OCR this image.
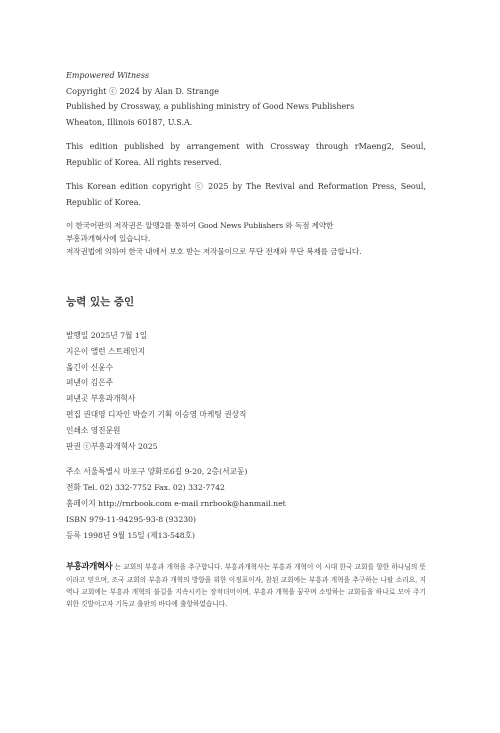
Empowered Witness
Copyright ⓒ 2024 by Alan D. Strange
Published by Crossway, a publishing ministry of Good News Publishers
Wheaton, Illinois 60187, U.S.A.
This edition published by arrangement with Crossway through rMaeng2, Seoul, Republic of Korea. All rights reserved.
This Korean edition copyright ⓒ 2025 by The Revival and Reformation Press, Seoul, Republic of Korea.
이 한국어판의 저작권은 알맹2를 통하여 Good News Publishers 와 독점 계약한
부흥과개혁사에 있습니다.
저작권법에 의하여 한국 내에서 보호 받는 저작물이므로 무단 전재와 무단 복제를 금합니다.
능력 있는 증인
발행일 2025년 7월 1일
지은이 앨런 스트레인지
옮긴이 신윤수
펴낸이 김은주
펴낸곳 부흥과개혁사
편집 권대영 디자인 박슬기 기획 이승영 마케팅 권상직
인쇄소 영진문원
판권 ⓒ부흥과개혁사 2025
주소 서울특별시 마포구 양화로6길 9-20, 2층(서교동)
전화 Tel. 02) 332-7752 Fax. 02) 332-7742
홈페이지 http://rnrbook.com e-mail rnrbook@hanmail.net
ISBN 979-11-94295-93-8 (93230)
등록 1998년 9월 15일 (제13-548호)
부흥과개혁사 는 교회의 부흥과 개혁을 추구합니다. 부흥과개혁사는 부흥과 개혁이 이 시대 한국 교회를 향한 하나님의 뜻이라고 믿으며, 조국 교회의 부흥과 개혁의 방향을 위한 이정표이자, 참된 교회에는 부흥과 개혁을 추구하는 나팔 소리요, 지역나 교회에는 부흥과 개혁의 불길을 지속시키는 장작더미이며, 부흥과 개혁을 꿈꾸며 소망하는 교회들을 하나로 모아 주기 위한 깃발이고자 기독교 출판의 바다에 출항하였습니다.
